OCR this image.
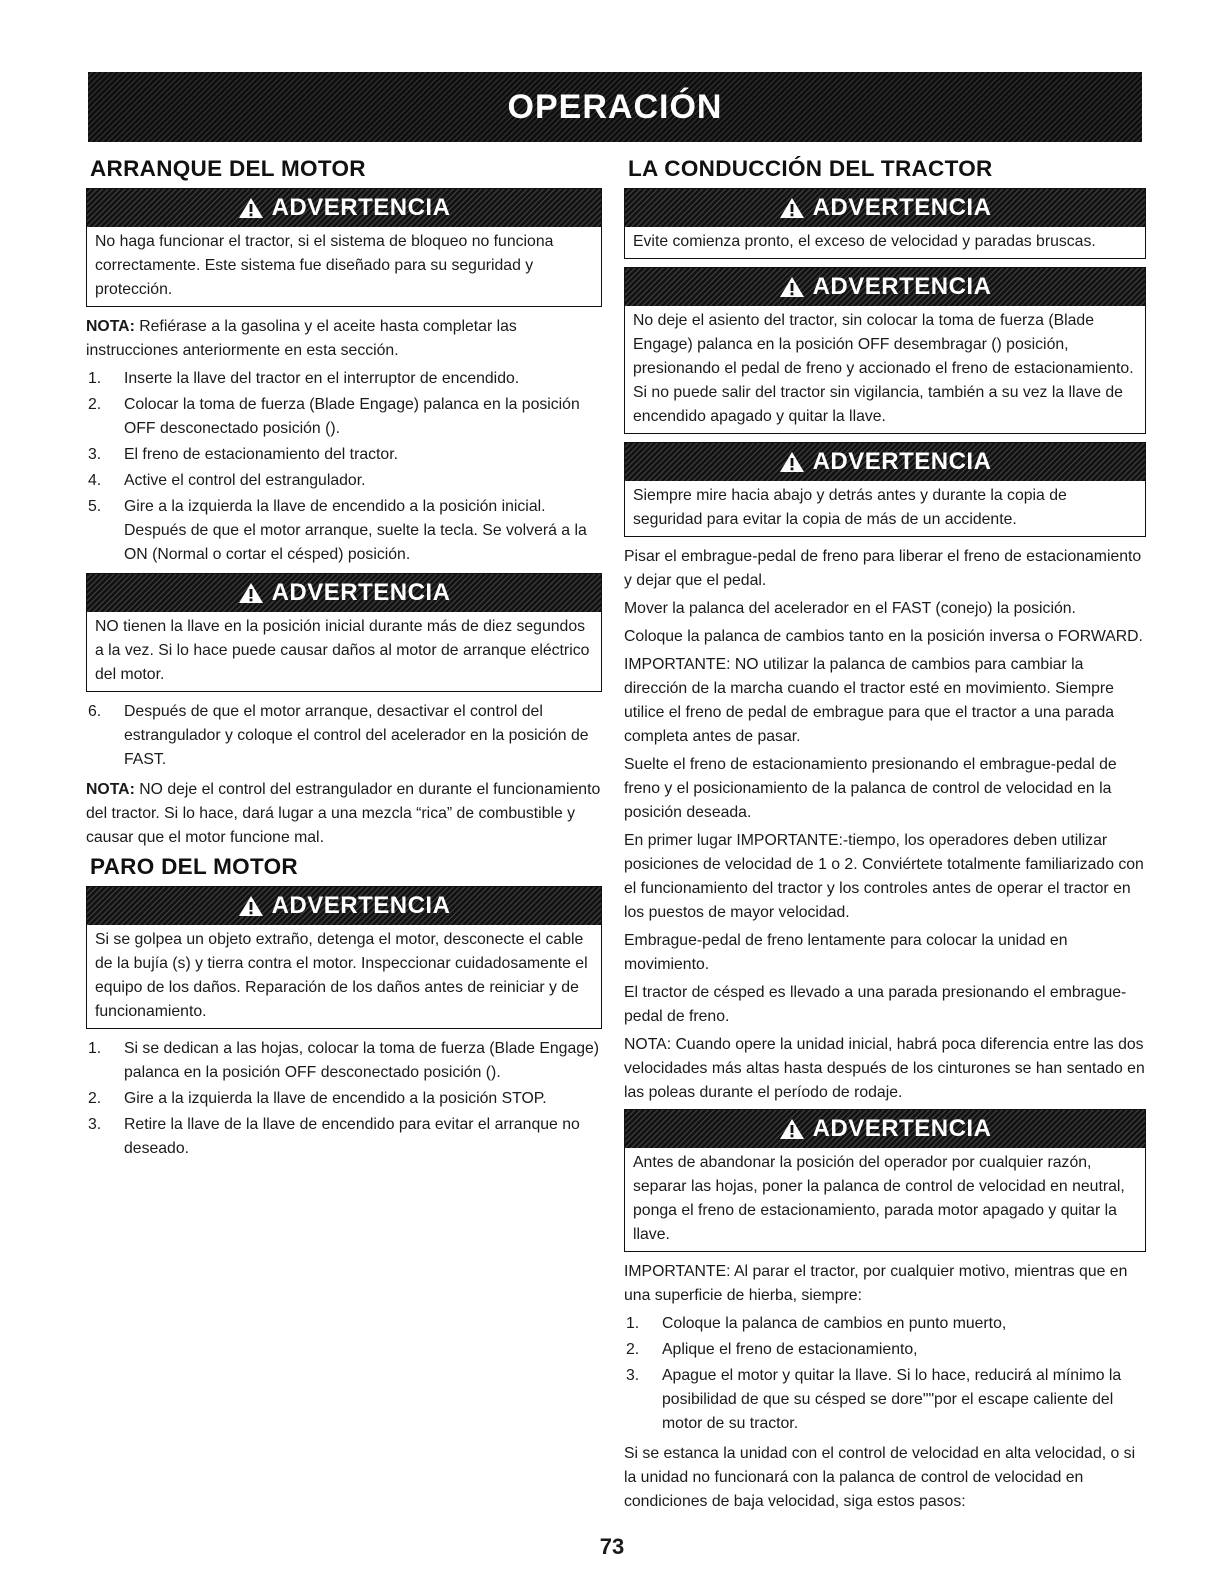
OPERACIÓN
ARRANQUE DEL MOTOR
ADVERTENCIA
No haga funcionar el tractor, si el sistema de bloqueo no funciona correctamente. Este sistema fue diseñado para su seguridad y protección.

NOTA: Refiérase a la gasolina y el aceite hasta completar las instrucciones anteriormente en esta sección.

1. Inserte la llave del tractor en el interruptor de encendido.
2. Colocar la toma de fuerza (Blade Engage) palanca en la posición OFF desconectado posición ().
3. El freno de estacionamiento del tractor.
4. Active el control del estrangulador.
5. Gire a la izquierda la llave de encendido a la posición inicial. Después de que el motor arranque, suelte la tecla. Se volverá a la ON (Normal o cortar el césped) posición.
ADVERTENCIA
NO tienen la llave en la posición inicial durante más de diez segundos a la vez. Si lo hace puede causar daños al motor de arranque eléctrico del motor.
6. Después de que el motor arranque, desactivar el control del estrangulador y coloque el control del acelerador en la posición de FAST.

NOTA: NO deje el control del estrangulador en durante el funcionamiento del tractor. Si lo hace, dará lugar a una mezcla “rica” de combustible y causar que el motor funcione mal.

PARO DEL MOTOR
ADVERTENCIA
Si se golpea un objeto extraño, detenga el motor, desconecte el cable de la bujía (s) y tierra contra el motor. Inspeccionar cuidadosamente el equipo de los daños. Reparación de los daños antes de reiniciar y de funcionamiento.
1. Si se dedican a las hojas, colocar la toma de fuerza (Blade Engage) palanca en la posición OFF desconectado posición ().
2. Gire a la izquierda la llave de encendido a la posición STOP.
3. Retire la llave de la llave de encendido para evitar el arranque no deseado.
LA CONDUCCIÓN DEL TRACTOR
ADVERTENCIA
Evite comienza pronto, el exceso de velocidad y paradas bruscas.
ADVERTENCIA
No deje el asiento del tractor, sin colocar la toma de fuerza (Blade Engage) palanca en la posición OFF desembragar () posición, presionando el pedal de freno y accionado el freno de estacionamiento. Si no puede salir del tractor sin vigilancia, también a su vez la llave de encendido apagado y quitar la llave.
ADVERTENCIA
Siempre mire hacia abajo y detrás antes y durante la copia de seguridad para evitar la copia de más de un accidente.

Pisar el embrague-pedal de freno para liberar el freno de estacionamiento y dejar que el pedal.

Mover la palanca del acelerador en el FAST (conejo) la posición.

Coloque la palanca de cambios tanto en la posición inversa o FORWARD.

IMPORTANTE: NO utilizar la palanca de cambios para cambiar la dirección de la marcha cuando el tractor esté en movimiento. Siempre utilice el freno de pedal de embrague para que el tractor a una parada completa antes de pasar.

Suelte el freno de estacionamiento presionando el embrague-pedal de freno y el posicionamiento de la palanca de control de velocidad en la posición deseada.

En primer lugar IMPORTANTE:-tiempo, los operadores deben utilizar posiciones de velocidad de 1 o 2. Conviértete totalmente familiarizado con el funcionamiento del tractor y los controles antes de operar el tractor en los puestos de mayor velocidad.

Embrague-pedal de freno lentamente para colocar la unidad en movimiento.

El tractor de césped es llevado a una parada presionando el embrague-pedal de freno.

NOTA: Cuando opere la unidad inicial, habrá poca diferencia entre las dos velocidades más altas hasta después de los cinturones se han sentado en las poleas durante el período de rodaje.

ADVERTENCIA
Antes de abandonar la posición del operador por cualquier razón, separar las hojas, poner la palanca de control de velocidad en neutral, ponga el freno de estacionamiento, parada motor apagado y quitar la llave.

IMPORTANTE: Al parar el tractor, por cualquier motivo, mientras que en una superficie de hierba, siempre:

1. Coloque la palanca de cambios en punto muerto,
2. Aplique el freno de estacionamiento,
3. Apague el motor y quitar la llave. Si lo hace, reducirá al mínimo la posibilidad de que su césped se dore""por el escape caliente del motor de su tractor.

Si se estanca la unidad con el control de velocidad en alta velocidad, o si la unidad no funcionará con la palanca de control de velocidad en condiciones de baja velocidad, siga estos pasos:

73
